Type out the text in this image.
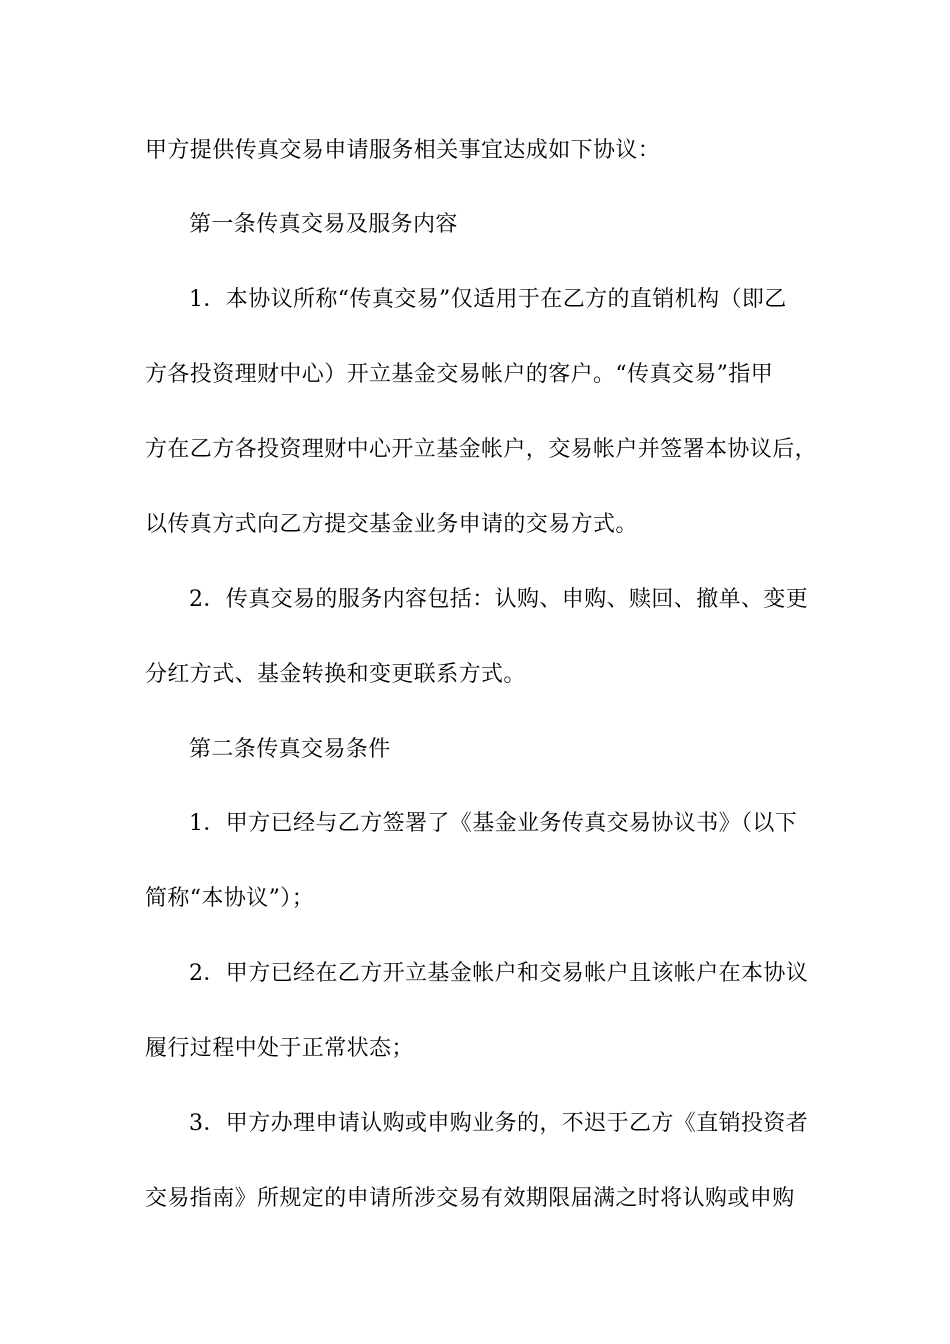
甲方提供传真交易申请服务相关事宜达成如下协议：
第一条传真交易及服务内容
1．本协议所称“传真交易”仅适用于在乙方的直销机构（即乙
方各投资理财中心）开立基金交易帐户的客户。“传真交易”指甲
方在乙方各投资理财中心开立基金帐户，交易帐户并签署本协议后，
以传真方式向乙方提交基金业务申请的交易方式。
2．传真交易的服务内容包括：认购、申购、赎回、撤单、变更
分红方式、基金转换和变更联系方式。
第二条传真交易条件
1．甲方已经与乙方签署了《基金业务传真交易协议书》（以下
简称“本协议”）；
2．甲方已经在乙方开立基金帐户和交易帐户且该帐户在本协议
履行过程中处于正常状态；
3．甲方办理申请认购或申购业务的，不迟于乙方《直销投资者
交易指南》所规定的申请所涉交易有效期限届满之时将认购或申购
